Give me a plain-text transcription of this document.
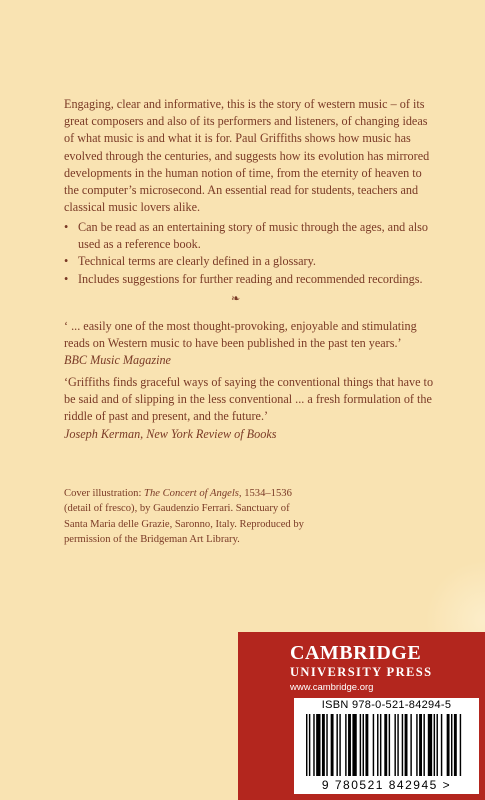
Engaging, clear and informative, this is the story of western music – of its great composers and also of its performers and listeners, of changing ideas of what music is and what it is for. Paul Griffiths shows how music has evolved through the centuries, and suggests how its evolution has mirrored developments in the human notion of time, from the eternity of heaven to the computer’s microsecond. An essential read for students, teachers and classical music lovers alike.

• Can be read as an entertaining story of music through the ages, and also used as a reference book.
• Technical terms are clearly defined in a glossary.
• Includes suggestions for further reading and recommended recordings.
❧

‘ ... easily one of the most thought-provoking, enjoyable and stimulating reads on Western music to have been published in the past ten years.’
BBC Music Magazine

‘Griffiths finds graceful ways of saying the conventional things that have to be said and of slipping in the less conventional ... a fresh formulation of the riddle of past and present, and the future.’
Joseph Kerman, New York Review of Books

Cover illustration: The Concert of Angels, 1534–1536 (detail of fresco), by Gaudenzio Ferrari. Sanctuary of Santa Maria delle Grazie, Saronno, Italy. Reproduced by permission of the Bridgeman Art Library.

CAMBRIDGE

UNIVERSITY PRESS

www.cambridge.org

ISBN 978-0-521-84294-5

9 780521 842945 >
